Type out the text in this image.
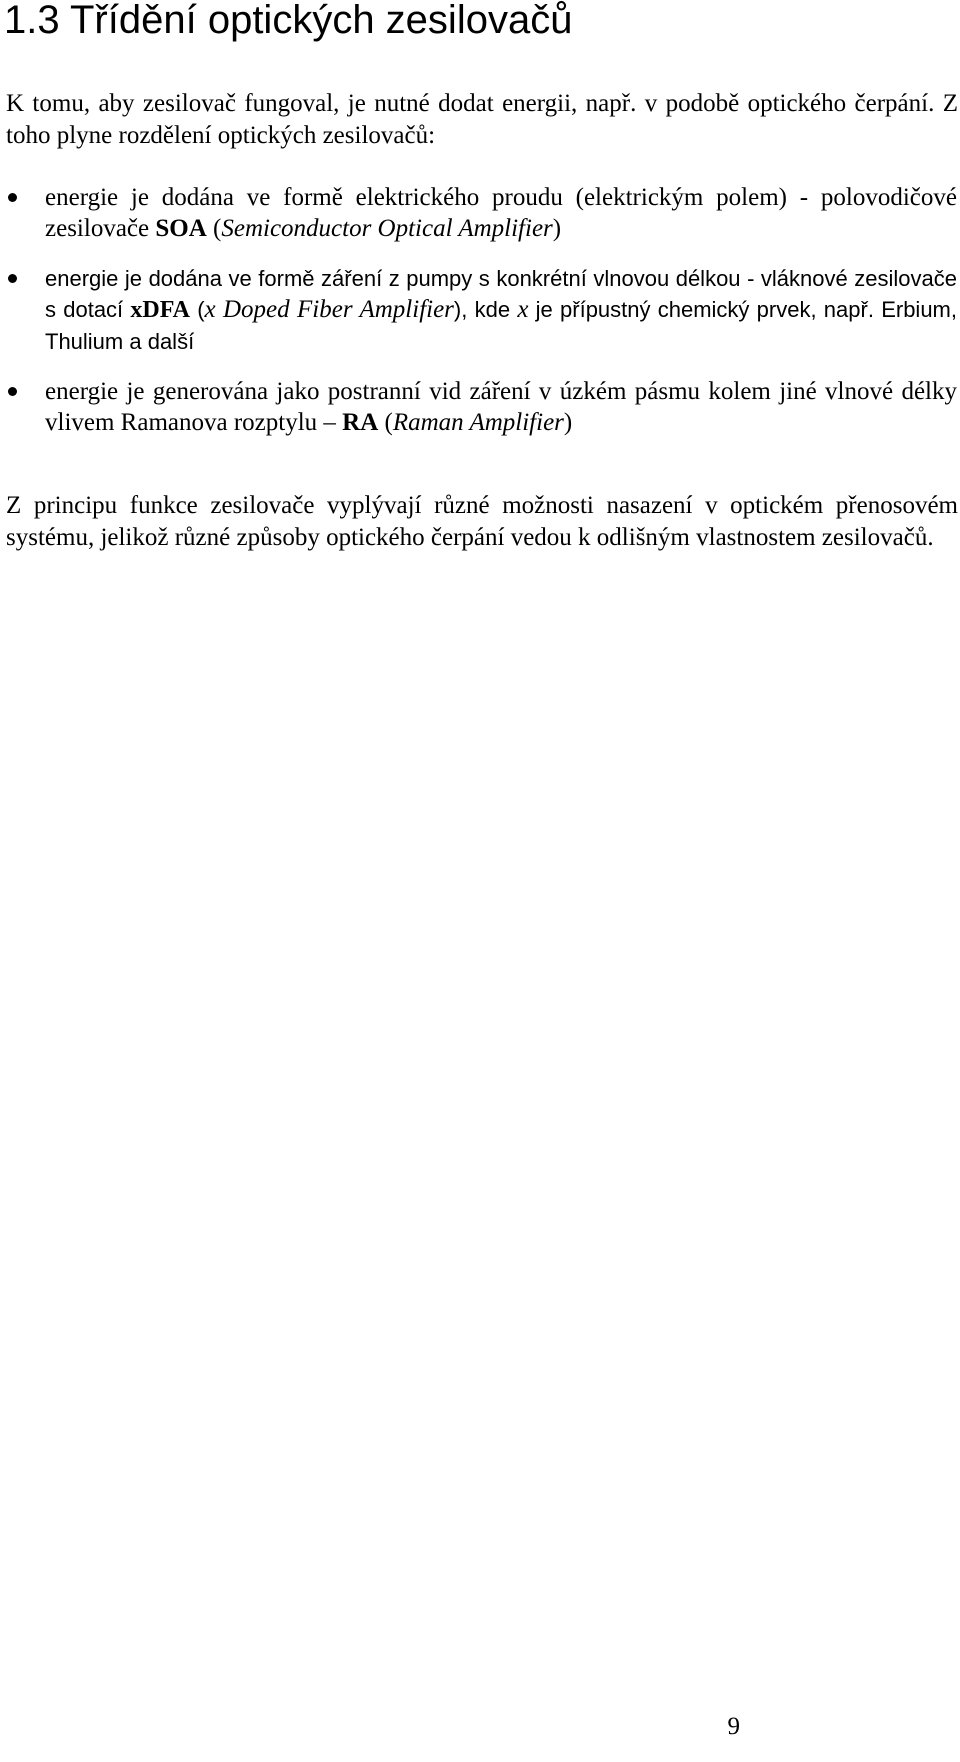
1.3 Třídění optických zesilovačů

K tomu, aby zesilovač fungoval, je nutné dodat energii, např. v podobě optického čerpání. Z toho plyne rozdělení optických zesilovačů:

energie je dodána ve formě elektrického proudu (elektrickým polem) - polovodičové zesilovače SOA (Semiconductor Optical Amplifier)
energie je dodána ve formě záření z pumpy s konkrétní vlnovou délkou - vláknové zesilovače s dotací xDFA (x Doped Fiber Amplifier), kde x je přípustný chemický prvek, např. Erbium, Thulium a další
energie je generována jako postranní vid záření v úzkém pásmu kolem jiné vlnové délky vlivem Ramanova rozptylu – RA (Raman Amplifier)

Z principu funkce zesilovače vyplývají různé možnosti nasazení v optickém přenosovém systému, jelikož různé způsoby optického čerpání vedou k odlišným vlastnostem zesilovačů.

9
